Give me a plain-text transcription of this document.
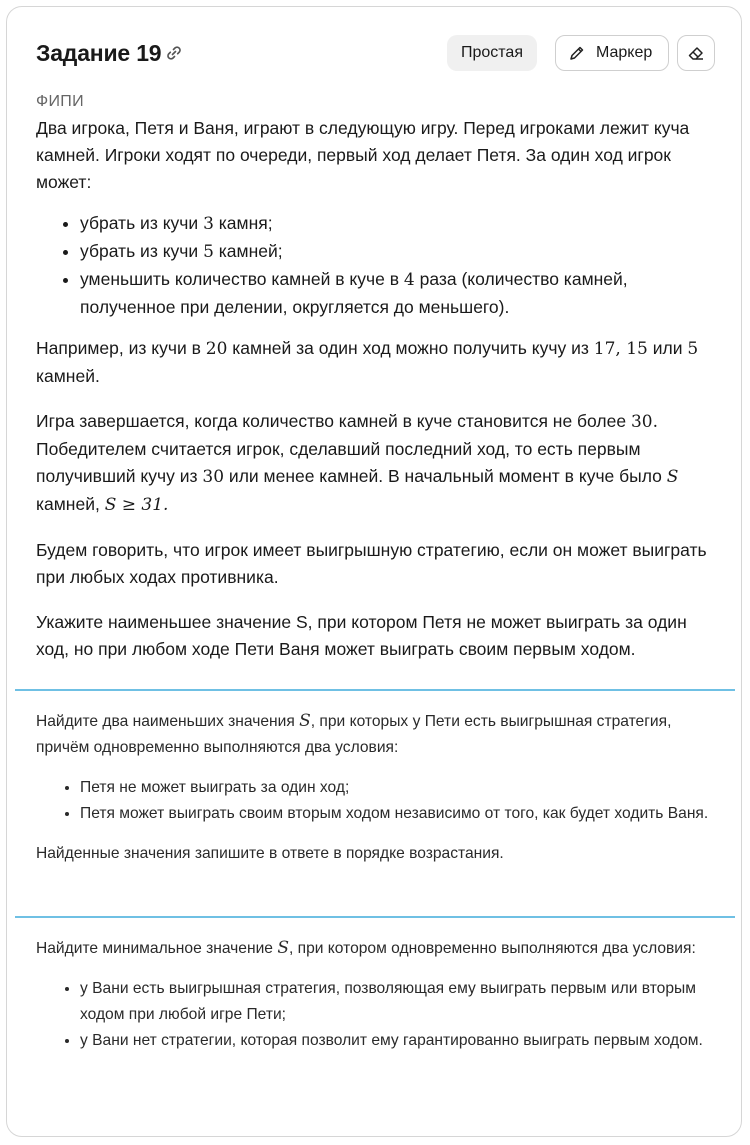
Задание 19	Простая	Маркер
ФИПИ

Два игрока, Петя и Ваня, играют в следующую игру. Перед игроками лежит куча камней. Игроки ходят по очереди, первый ход делает Петя. За один ход игрок может:

• убрать из кучи 3 камня;
• убрать из кучи 5 камней;
• уменьшить количество камней в куче в 4 раза (количество камней, полученное при делении, округляется до меньшего).

Например, из кучи в 20 камней за один ход можно получить кучу из 17, 15 или 5 камней.

Игра завершается, когда количество камней в куче становится не более 30. Победителем считается игрок, сделавший последний ход, то есть первым получивший кучу из 30 или менее камней. В начальный момент в куче было S камней, S ≥ 31.

Будем говорить, что игрок имеет выигрышную стратегию, если он может выиграть при любых ходах противника.

Укажите наименьшее значение S, при котором Петя не может выиграть за один ход, но при любом ходе Пети Ваня может выиграть своим первым ходом.

Найдите два наименьших значения S, при которых у Пети есть выигрышная стратегия, причём одновременно выполняются два условия:

• Петя не может выиграть за один ход;
• Петя может выиграть своим вторым ходом независимо от того, как будет ходить Ваня.

Найденные значения запишите в ответе в порядке возрастания.

Найдите минимальное значение S, при котором одновременно выполняются два условия:

• у Вани есть выигрышная стратегия, позволяющая ему выиграть первым или вторым ходом при любой игре Пети;
• у Вани нет стратегии, которая позволит ему гарантированно выиграть первым ходом.
